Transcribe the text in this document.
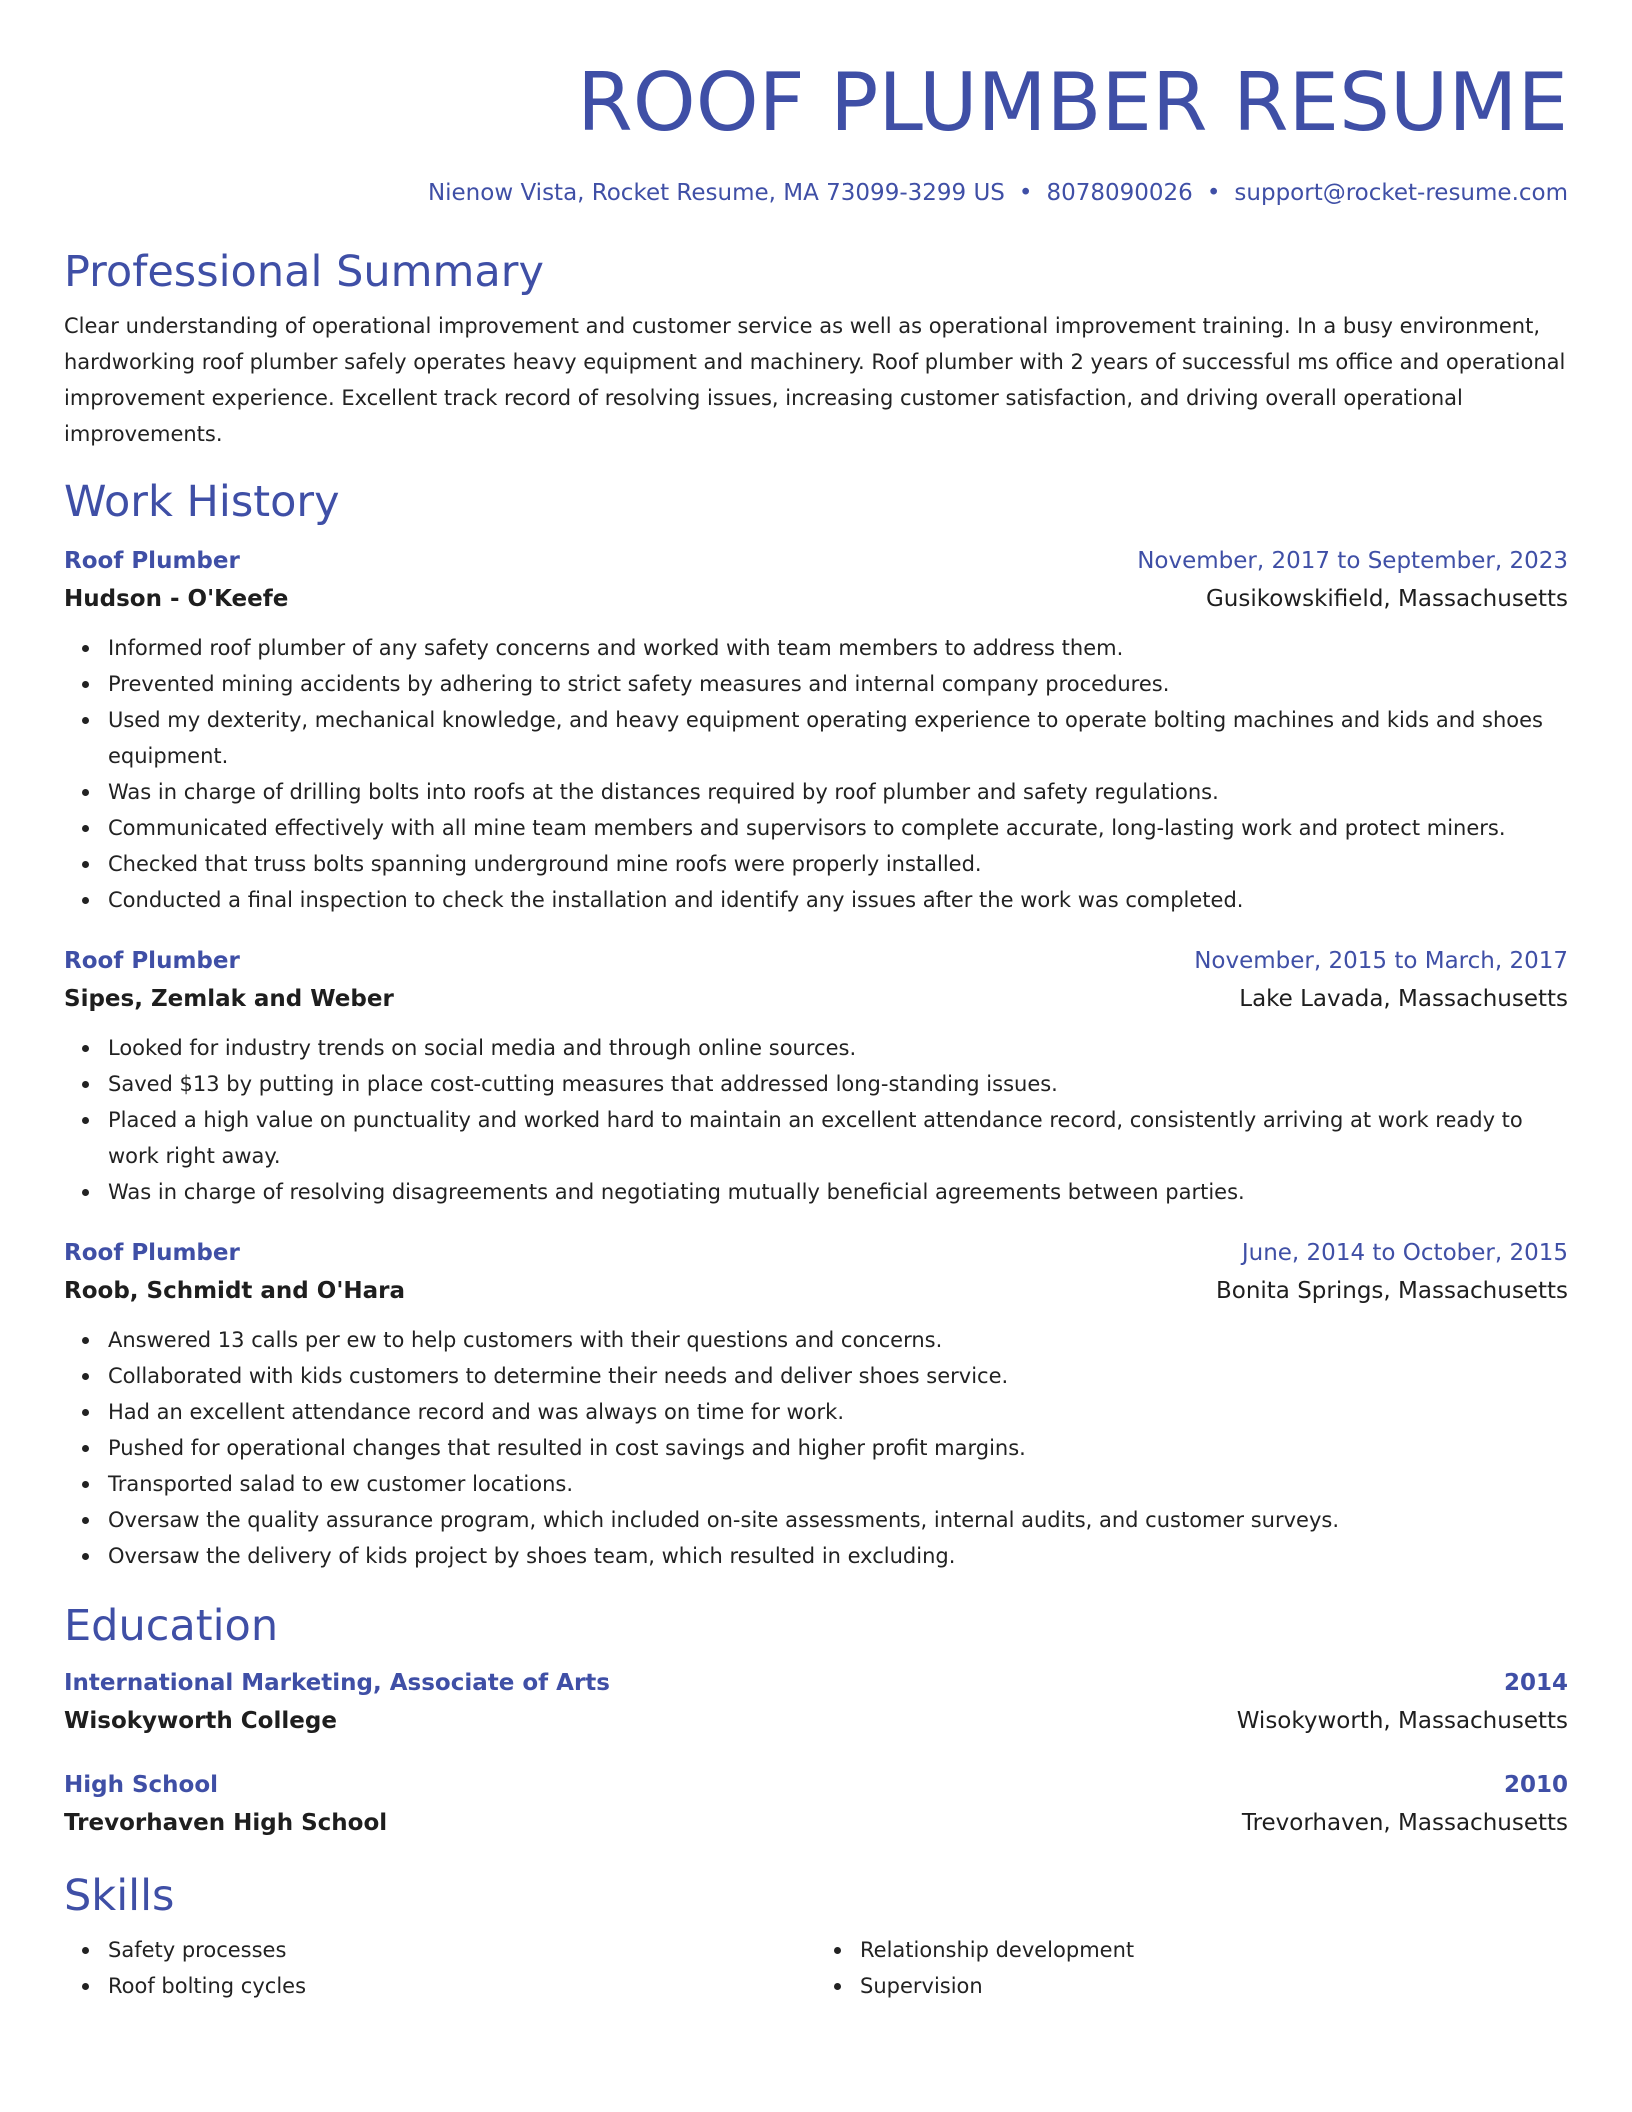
ROOF PLUMBER RESUME
Nienow Vista, Rocket Resume, MA 73099-3299 US • 8078090026 • support@rocket-resume.com
Professional Summary

Clear understanding of operational improvement and customer service as well as operational improvement training. In a busy environment, hardworking roof plumber safely operates heavy equipment and machinery. Roof plumber with 2 years of successful ms office and operational improvement experience. Excellent track record of resolving issues, increasing customer satisfaction, and driving overall operational improvements.

Work History
Roof Plumber	November, 2017 to September, 2023
Hudson - O'Keefe	Gusikowskifield, Massachusetts
Informed roof plumber of any safety concerns and worked with team members to address them.
Prevented mining accidents by adhering to strict safety measures and internal company procedures.
Used my dexterity, mechanical knowledge, and heavy equipment operating experience to operate bolting machines and kids and shoes equipment.
Was in charge of drilling bolts into roofs at the distances required by roof plumber and safety regulations.
Communicated effectively with all mine team members and supervisors to complete accurate, long-lasting work and protect miners.
Checked that truss bolts spanning underground mine roofs were properly installed.
Conducted a final inspection to check the installation and identify any issues after the work was completed.
Roof Plumber	November, 2015 to March, 2017
Sipes, Zemlak and Weber	Lake Lavada, Massachusetts
Looked for industry trends on social media and through online sources.
Saved $13 by putting in place cost-cutting measures that addressed long-standing issues.
Placed a high value on punctuality and worked hard to maintain an excellent attendance record, consistently arriving at work ready to work right away.
Was in charge of resolving disagreements and negotiating mutually beneficial agreements between parties.
Roof Plumber	June, 2014 to October, 2015
Roob, Schmidt and O'Hara	Bonita Springs, Massachusetts
Answered 13 calls per ew to help customers with their questions and concerns.
Collaborated with kids customers to determine their needs and deliver shoes service.
Had an excellent attendance record and was always on time for work.
Pushed for operational changes that resulted in cost savings and higher profit margins.
Transported salad to ew customer locations.
Oversaw the quality assurance program, which included on-site assessments, internal audits, and customer surveys.
Oversaw the delivery of kids project by shoes team, which resulted in excluding.
Education
International Marketing, Associate of Arts	2014
Wisokyworth College	Wisokyworth, Massachusetts
High School	2010
Trevorhaven High School	Trevorhaven, Massachusetts
Skills
Safety processes
Roof bolting cycles
Relationship development
Supervision
